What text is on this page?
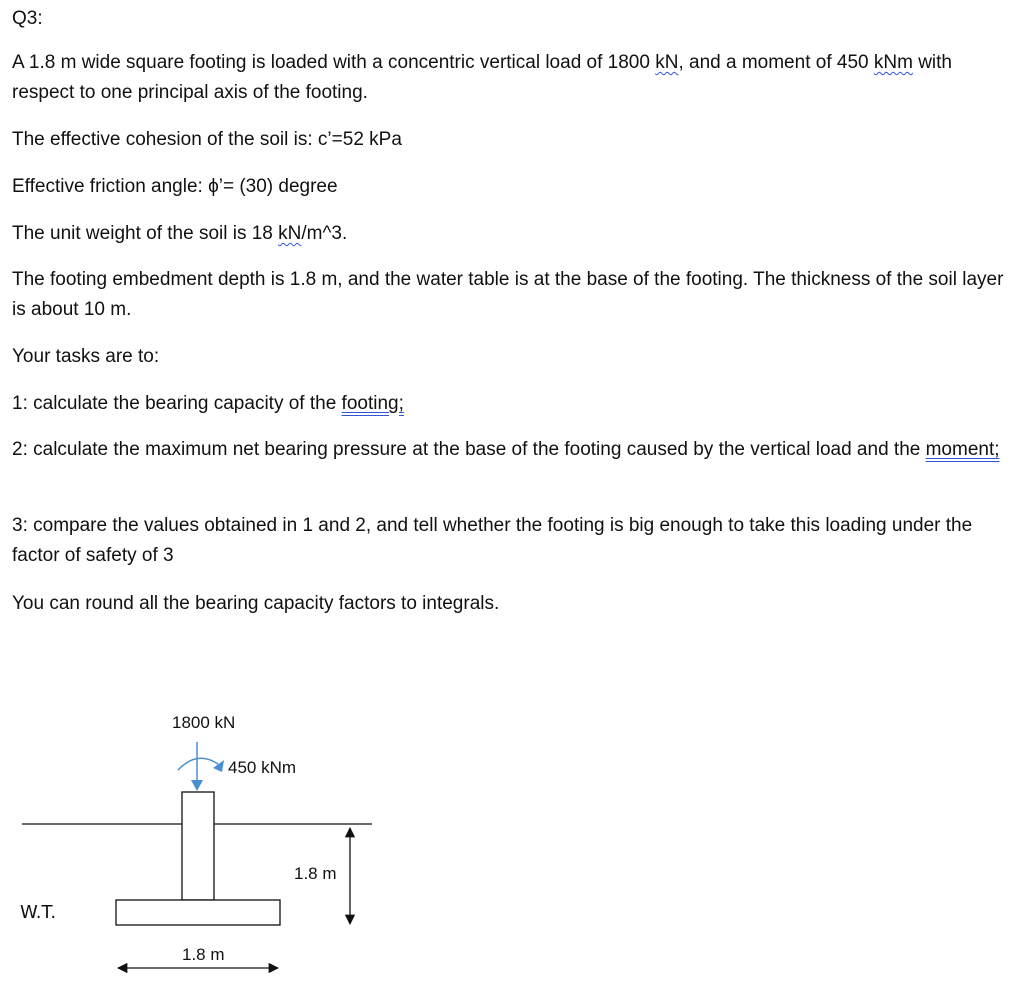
Q3:

A 1.8 m wide square footing is loaded with a concentric vertical load of 1800 kN, and a moment of 450 kNm with respect to one principal axis of the footing.

The effective cohesion of the soil is: c’=52 kPa

Effective friction angle: ϕ’= (30) degree

The unit weight of the soil is 18 kN/m^3.

The footing embedment depth is 1.8 m, and the water table is at the base of the footing. The thickness of the soil layer is about 10 m.

Your tasks are to:

1: calculate the bearing capacity of the footing;

2: calculate the maximum net bearing pressure at the base of the footing caused by the vertical load and the moment;

3: compare the values obtained in 1 and 2, and tell whether the footing is big enough to take this loading under the factor of safety of 3

You can round all the bearing capacity factors to integrals.

1800 kN
450 kNm
1.8 m
W.T.
1.8 m
